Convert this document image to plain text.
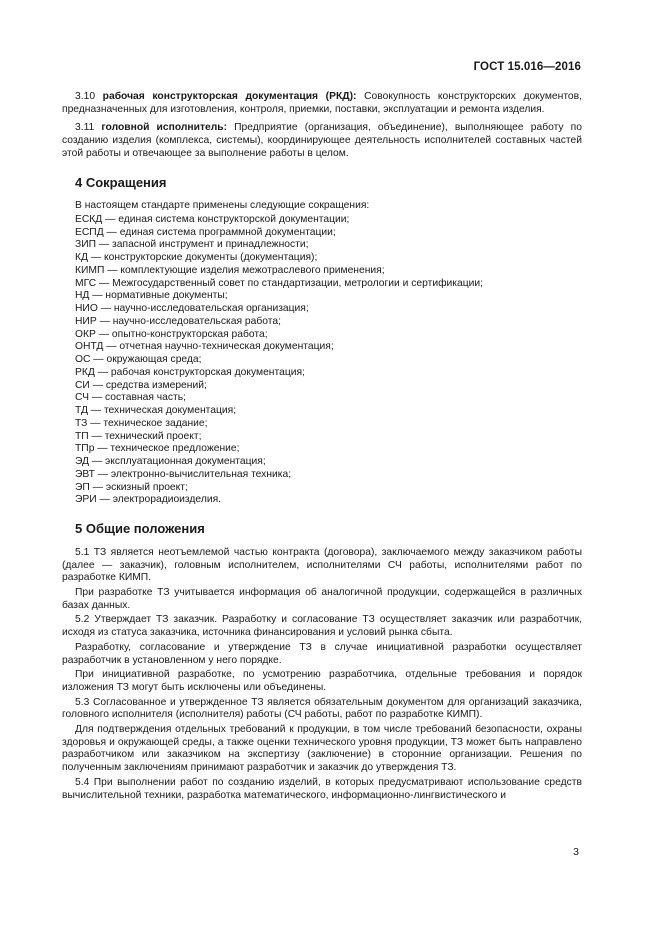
ГОСТ 15.016—2016

3.10 рабочая конструкторская документация (РКД): Совокупность конструкторских документов, предназначенных для изготовления, контроля, приемки, поставки, эксплуатации и ремонта изделия.

3.11 головной исполнитель: Предприятие (организация, объединение), выполняющее работу по созданию изделия (комплекса, системы), координирующее деятельность исполнителей составных частей этой работы и отвечающее за выполнение работы в целом.

4 Сокращения
В настоящем стандарте применены следующие сокращения:
ЕСКД — единая система конструкторской документации;
ЕСПД — единая система программной документации;
ЗИП — запасной инструмент и принадлежности;
КД — конструкторские документы (документация);
КИМП — комплектующие изделия межотраслевого применения;
МГС — Межгосударственный совет по стандартизации, метрологии и сертификации;
НД — нормативные документы;
НИО — научно-исследовательская организация;
НИР — научно-исследовательская работа;
ОКР — опытно-конструкторская работа;
ОНТД — отчетная научно-техническая документация;
ОС — окружающая среда;
РКД — рабочая конструкторская документация;
СИ — средства измерений;
СЧ — составная часть;
ТД — техническая документация;
ТЗ — техническое задание;
ТП — технический проект;
ТПр — техническое предложение;
ЭД — эксплуатационная документация;
ЭВТ — электронно-вычислительная техника;
ЭП — эскизный проект;
ЭРИ — электрорадиоизделия.
5 Общие положения

5.1 ТЗ является неотъемлемой частью контракта (договора), заключаемого между заказчиком работы (далее — заказчик), головным исполнителем, исполнителями СЧ работы, исполнителями работ по разработке КИМП.

При разработке ТЗ учитывается информация об аналогичной продукции, содержащейся в различных базах данных.

5.2 Утверждает ТЗ заказчик. Разработку и согласование ТЗ осуществляет заказчик или разработчик, исходя из статуса заказчика, источника финансирования и условий рынка сбыта.

Разработку, согласование и утверждение ТЗ в случае инициативной разработки осуществляет разработчик в установленном у него порядке.

При инициативной разработке, по усмотрению разработчика, отдельные требования и порядок изложения ТЗ могут быть исключены или объединены.

5.3 Согласованное и утвержденное ТЗ является обязательным документом для организаций заказчика, головного исполнителя (исполнителя) работы (СЧ работы, работ по разработке КИМП).

Для подтверждения отдельных требований к продукции, в том числе требований безопасности, охраны здоровья и окружающей среды, а также оценки технического уровня продукции, ТЗ может быть направлено разработчиком или заказчиком на экспертизу (заключение) в сторонние организации. Решения по полученным заключениям принимают разработчик и заказчик до утверждения ТЗ.

5.4 При выполнении работ по созданию изделий, в которых предусматривают использование средств вычислительной техники, разработка математического, информационно-лингвистического и

3
